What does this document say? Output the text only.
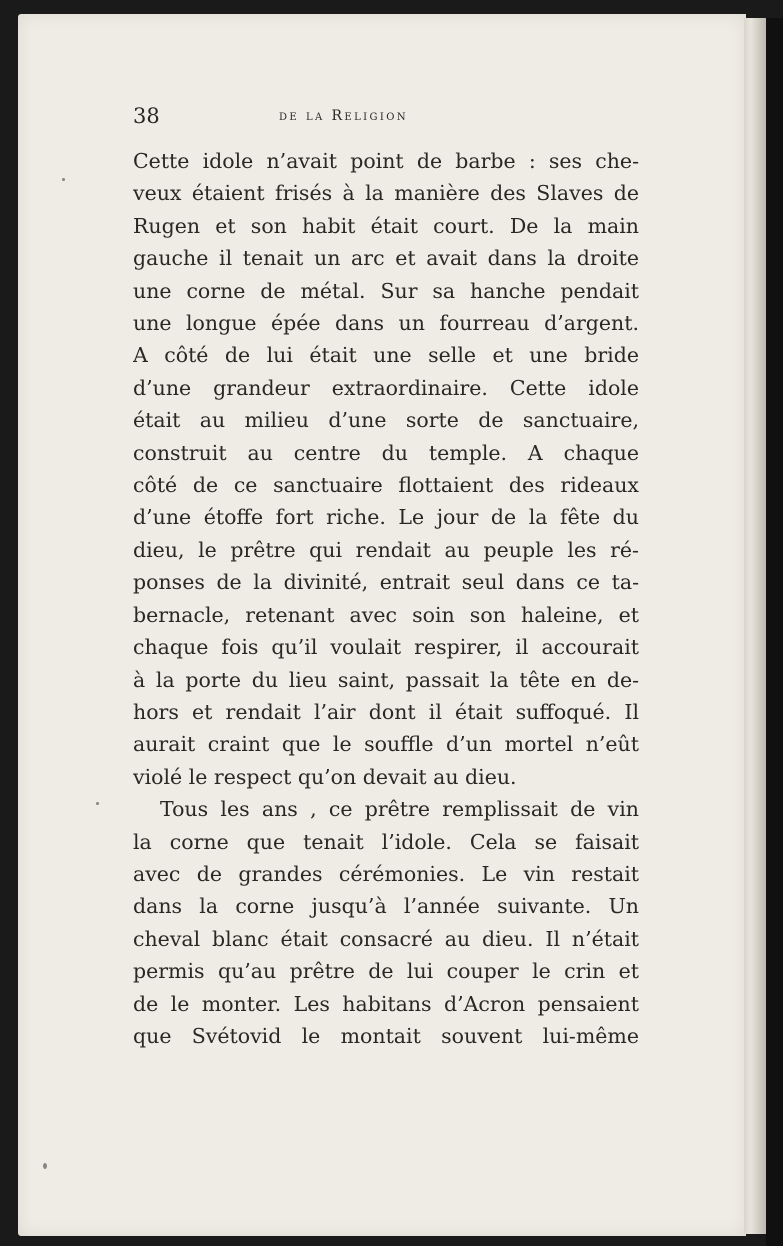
38	de la Religion
Cette idole n’avait point de barbe : ses che-
veux étaient frisés à la manière des Slaves de
Rugen et son habit était court. De la main
gauche il tenait un arc et avait dans la droite
une corne de métal. Sur sa hanche pendait
une longue épée dans un fourreau d’argent.
A côté de lui était une selle et une bride
d’une grandeur extraordinaire. Cette idole
était au milieu d’une sorte de sanctuaire,
construit au centre du temple. A chaque
côté de ce sanctuaire flottaient des rideaux
d’une étoffe fort riche. Le jour de la fête du
dieu, le prêtre qui rendait au peuple les ré-
ponses de la divinité, entrait seul dans ce ta-
bernacle, retenant avec soin son haleine, et
chaque fois qu’il voulait respirer, il accourait
à la porte du lieu saint, passait la tête en de-
hors et rendait l’air dont il était suffoqué. Il
aurait craint que le souffle d’un mortel n’eût
violé le respect qu’on devait au dieu.
Tous les ans , ce prêtre remplissait de vin
la corne que tenait l’idole. Cela se faisait
avec de grandes cérémonies. Le vin restait
dans la corne jusqu’à l’année suivante. Un
cheval blanc était consacré au dieu. Il n’était
permis qu’au prêtre de lui couper le crin et
de le monter. Les habitans d’Acron pensaient
que Svétovid le montait souvent lui-même
